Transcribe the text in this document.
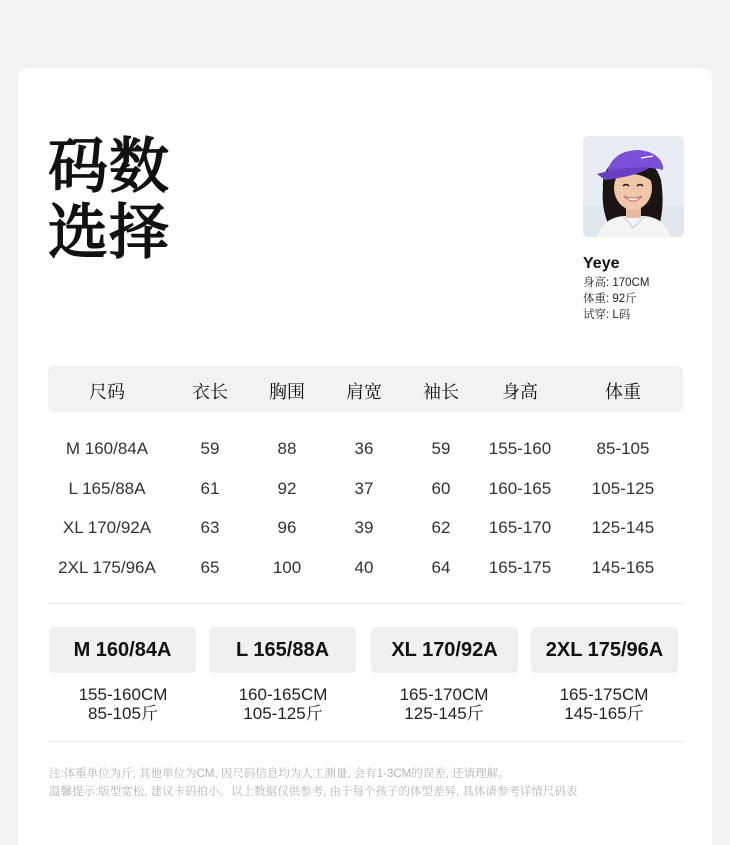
码数
选择	Yeye
身高: 170CM
体重: 92斤
试穿: L码
尺码	衣长 胸围 肩宽 袖长 身高	体重
M 160/84A	59	88	36	59 155-160	85-105
L 165/88A	61	92	37	60 160-165 105-125
XL 170/92A	63	96	39	62 165-170 125-145
2XL 175/96A	65	100	40	64 165-175 145-165
M 160/84A	L 165/88A	XL 170/92A	2XL 175/96A
155-160CM
85-105斤
160-165CM
105-125斤
165-170CM
125-145斤
165-175CM
145-165斤
注:体重单位为斤, 其他单位为CM, 因尺码信息均为人工测量, 会有1-3CM的误差, 还请理解。
温馨提示:版型宽松, 建议卡码拍小。以上数据仅供参考, 由于每个孩子的体型差异, 具体请参考详情尺码表
